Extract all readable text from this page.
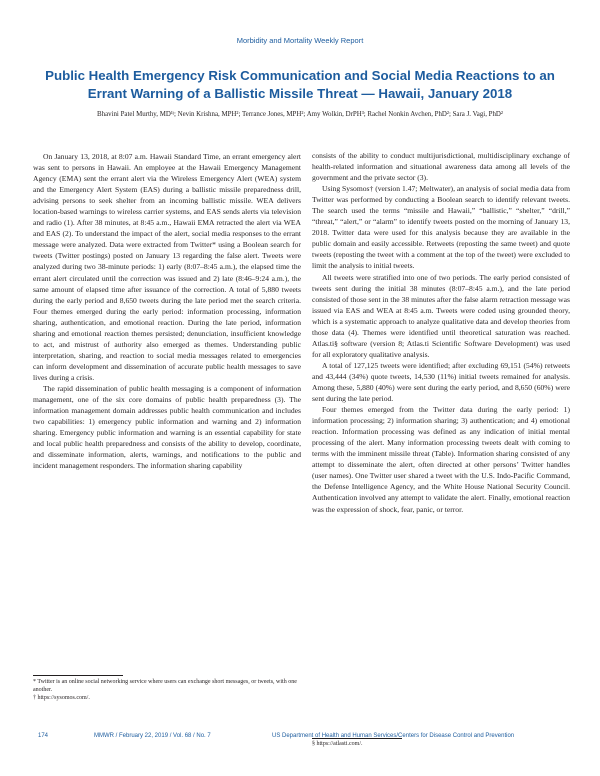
Morbidity and Mortality Weekly Report
Public Health Emergency Risk Communication and Social Media Reactions to an Errant Warning of a Ballistic Missile Threat — Hawaii, January 2018
Bhavini Patel Murthy, MD¹ʲ; Nevin Krishna, MPH²; Terrance Jones, MPH²; Amy Wolkin, DrPH³; Rachel Nonkin Avchen, PhD²; Sara J. Vagi, PhD²

On January 13, 2018, at 8:07 a.m. Hawaii Standard Time, an errant emergency alert was sent to persons in Hawaii. An employee at the Hawaii Emergency Management Agency (EMA) sent the errant alert via the Wireless Emergency Alert (WEA) system and the Emergency Alert System (EAS) during a ballistic missile preparedness drill, advising persons to seek shelter from an incoming ballistic missile. WEA delivers location-based warnings to wireless carrier systems, and EAS sends alerts via television and radio (1). After 38 minutes, at 8:45 a.m., Hawaii EMA retracted the alert via WEA and EAS (2). To understand the impact of the alert, social media responses to the errant message were analyzed. Data were extracted from Twitter* using a Boolean search for tweets (Twitter postings) posted on January 13 regarding the false alert. Tweets were analyzed during two 38-minute periods: 1) early (8:07–8:45 a.m.), the elapsed time the errant alert circulated until the correction was issued and 2) late (8:46–9:24 a.m.), the same amount of elapsed time after issuance of the correction. A total of 5,880 tweets during the early period and 8,650 tweets during the late period met the search criteria. Four themes emerged during the early period: information processing, information sharing, authentication, and emotional reaction. During the late period, information sharing and emotional reaction themes persisted; denunciation, insufficient knowledge to act, and mistrust of authority also emerged as themes. Understanding public interpretation, sharing, and reaction to social media messages related to emergencies can inform development and dissemination of accurate public health messages to save lives during a crisis.

The rapid dissemination of public health messaging is a component of information management, one of the six core domains of public health preparedness (3). The information management domain addresses public health communication and includes two capabilities: 1) emergency public information and warning and 2) information sharing. Emergency public information and warning is an essential capability for state and local public health preparedness and consists of the ability to develop, coordinate, and disseminate information, alerts, warnings, and notifications to the public and incident management responders. The information sharing capability

consists of the ability to conduct multijurisdictional, multidisciplinary exchange of health-related information and situational awareness data among all levels of the government and the private sector (3).

Using Sysomos† (version 1.47; Meltwater), an analysis of social media data from Twitter was performed by conducting a Boolean search to identify relevant tweets. The search used the terms “missile and Hawaii,” “ballistic,” “shelter,” “drill,” “threat,” “alert,” or “alarm” to identify tweets posted on the morning of January 13, 2018. Twitter data were used for this analysis because they are available in the public domain and easily accessible. Retweets (reposting the same tweet) and quote tweets (reposting the tweet with a comment at the top of the tweet) were excluded to limit the analysis to initial tweets.

All tweets were stratified into one of two periods. The early period consisted of tweets sent during the initial 38 minutes (8:07–8:45 a.m.), and the late period consisted of those sent in the 38 minutes after the false alarm retraction message was issued via EAS and WEA at 8:45 a.m. Tweets were coded using grounded theory, which is a systematic approach to analyze qualitative data and develop theories from those data (4). Themes were identified until theoretical saturation was reached. Atlas.ti§ software (version 8; Atlas.ti Scientific Software Development) was used for all exploratory qualitative analysis.

A total of 127,125 tweets were identified; after excluding 69,151 (54%) retweets and 43,444 (34%) quote tweets, 14,530 (11%) initial tweets remained for analysis. Among these, 5,880 (40%) were sent during the early period, and 8,650 (60%) were sent during the late period.

Four themes emerged from the Twitter data during the early period: 1) information processing; 2) information sharing; 3) authentication; and 4) emotional reaction. Information processing was defined as any indication of initial mental processing of the alert. Many information processing tweets dealt with coming to terms with the imminent missile threat (Table). Information sharing consisted of any attempt to disseminate the alert, often directed at other persons’ Twitter handles (user names). One Twitter user shared a tweet with the U.S. Indo-Pacific Command, the Defense Intelligence Agency, and the White House National Security Council. Authentication involved any attempt to validate the alert. Finally, emotional reaction was the expression of shock, fear, panic, or terror.

* Twitter is an online social networking service where users can exchange short messages, or tweets, with one another.
† https://sysomos.com/.
§ https://atlasti.com/.
174	MMWR / February 22, 2019 / Vol. 68 / No. 7	US Department of Health and Human Services/Centers for Disease Control and Prevention
